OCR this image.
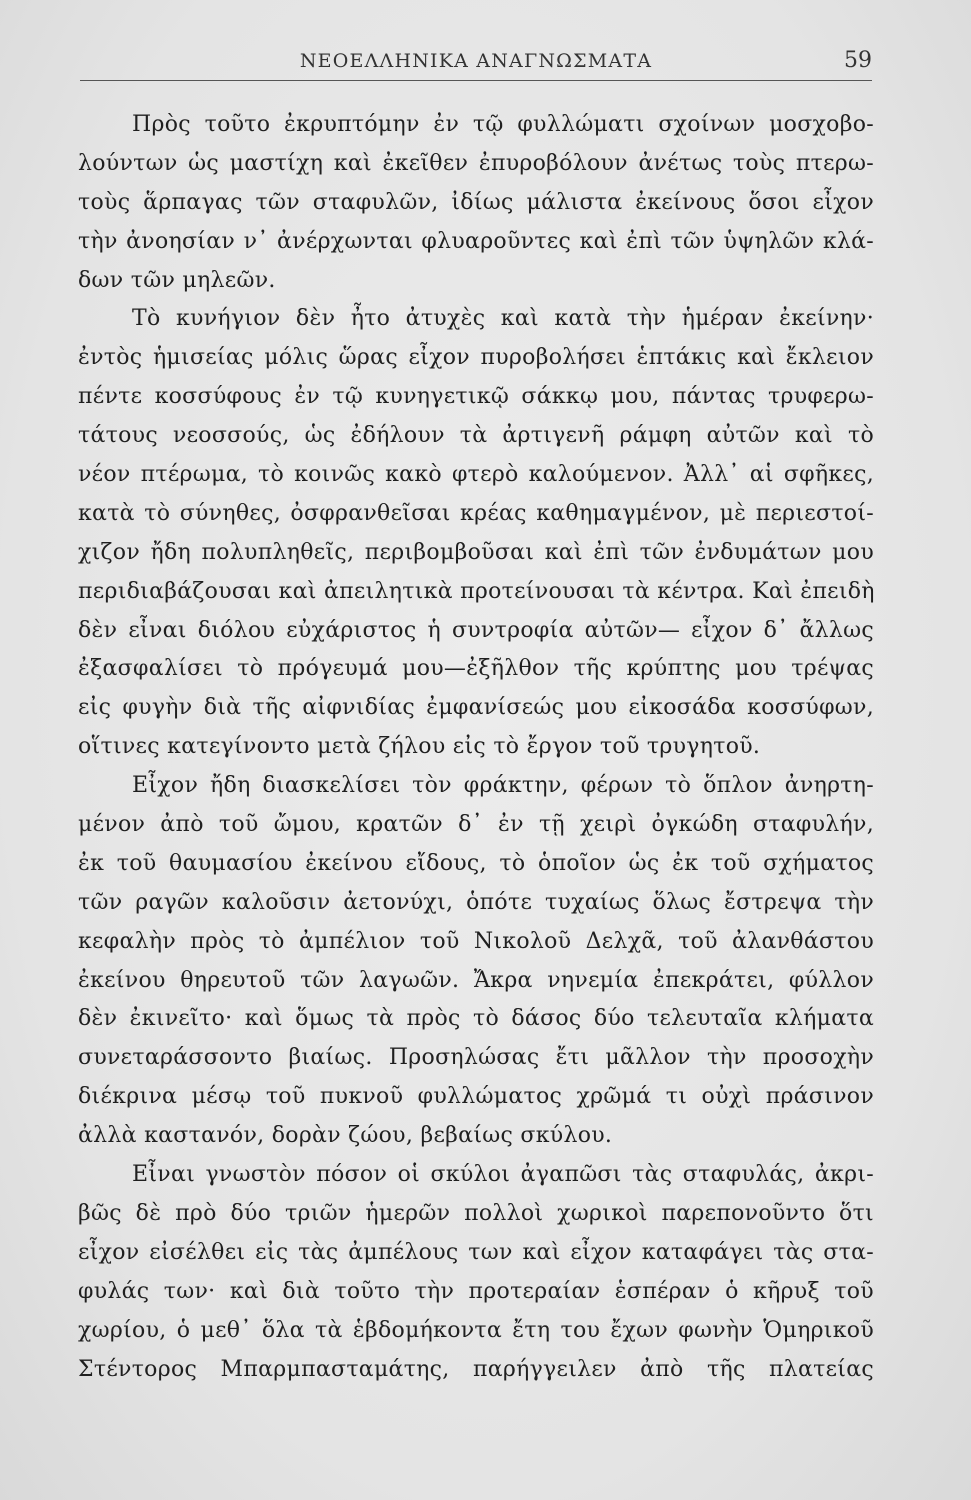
ΝΕΟΕΛΛΗΝΙΚΑ ΑΝΑΓΝΩΣΜΑΤΑ	59
Πρὸς τοῦτο ἐκρυπτόμην ἐν τῷ φυλλώματι σχοίνων μοσχοβο-
λούντων ὡς μαστίχη καὶ ἐκεῖθεν ἐπυροβόλουν ἀνέτως τοὺς πτερω-
τοὺς ἅρπαγας τῶν σταφυλῶν, ἰδίως μάλιστα ἐκείνους ὅσοι εἶχον
τὴν ἀνοησίαν ν᾽ ἀνέρχωνται φλυαροῦντες καὶ ἐπὶ τῶν ὑψηλῶν κλά-
δων τῶν μηλεῶν.
Τὸ κυνήγιον δὲν ἦτο ἀτυχὲς καὶ κατὰ τὴν ἡμέραν ἐκείνην·
ἐντὸς ἡμισείας μόλις ὥρας εἶχον πυροβολήσει ἑπτάκις καὶ ἔκλειον
πέντε κοσσύφους ἐν τῷ κυνηγετικῷ σάκκῳ μου, πάντας τρυφερω-
τάτους νεοσσούς, ὡς ἐδήλουν τὰ ἀρτιγενῆ ράμφη αὐτῶν καὶ τὸ
νέον πτέρωμα, τὸ κοινῶς κακὸ φτερὸ καλούμενον. Ἀλλ᾽ αἱ σφῆκες,
κατὰ τὸ σύνηθες, ὀσφρανθεῖσαι κρέας καθημαγμένον, μὲ περιεστοί-
χιζον ἤδη πολυπληθεῖς, περιβομβοῦσαι καὶ ἐπὶ τῶν ἐνδυμάτων μου
περιδιαβάζουσαι καὶ ἀπειλητικὰ προτείνουσαι τὰ κέντρα. Καὶ ἐπειδὴ
δὲν εἶναι διόλου εὐχάριστος ἡ συντροφία αὐτῶν— εἶχον δ᾽ ἄλλως
ἐξασφαλίσει τὸ πρόγευμά μου—ἐξῆλθον τῆς κρύπτης μου τρέψας
εἰς φυγὴν διὰ τῆς αἰφνιδίας ἐμφανίσεώς μου εἰκοσάδα κοσσύφων,
οἵτινες κατεγίνοντο μετὰ ζήλου εἰς τὸ ἔργον τοῦ τρυγητοῦ.
Εἶχον ἤδη διασκελίσει τὸν φράκτην, φέρων τὸ ὅπλον ἀνηρτη-
μένον ἀπὸ τοῦ ὤμου, κρατῶν δ᾽ ἐν τῇ χειρὶ ὀγκώδη σταφυλήν,
ἐκ τοῦ θαυμασίου ἐκείνου εἴδους, τὸ ὁποῖον ὡς ἐκ τοῦ σχήματος
τῶν ραγῶν καλοῦσιν ἀετονύχι, ὁπότε τυχαίως ὅλως ἔστρεψα τὴν
κεφαλὴν πρὸς τὸ ἀμπέλιον τοῦ Νικολοῦ Δελχᾶ, τοῦ ἀλανθάστου
ἐκείνου θηρευτοῦ τῶν λαγωῶν. Ἄκρα νηνεμία ἐπεκράτει, φύλλον
δὲν ἐκινεῖτο· καὶ ὅμως τὰ πρὸς τὸ δάσος δύο τελευταῖα κλήματα
συνεταράσσοντο βιαίως. Προσηλώσας ἔτι μᾶλλον τὴν προσοχὴν
διέκρινα μέσῳ τοῦ πυκνοῦ φυλλώματος χρῶμά τι οὐχὶ πράσινον
ἀλλὰ καστανόν, δορὰν ζώου, βεβαίως σκύλου.
Εἶναι γνωστὸν πόσον οἱ σκύλοι ἀγαπῶσι τὰς σταφυλάς, ἀκρι-
βῶς δὲ πρὸ δύο τριῶν ἡμερῶν πολλοὶ χωρικοὶ παρεπονοῦντο ὅτι
εἶχον εἰσέλθει εἰς τὰς ἀμπέλους των καὶ εἶχον καταφάγει τὰς στα-
φυλάς των· καὶ διὰ τοῦτο τὴν προτεραίαν ἑσπέραν ὁ κῆρυξ τοῦ
χωρίου, ὁ μεθ᾽ ὅλα τὰ ἑβδομήκοντα ἔτη του ἔχων φωνὴν Ὁμηρικοῦ
Στέντορος Μπαρμπασταμάτης, παρήγγειλεν ἀπὸ τῆς πλατείας
